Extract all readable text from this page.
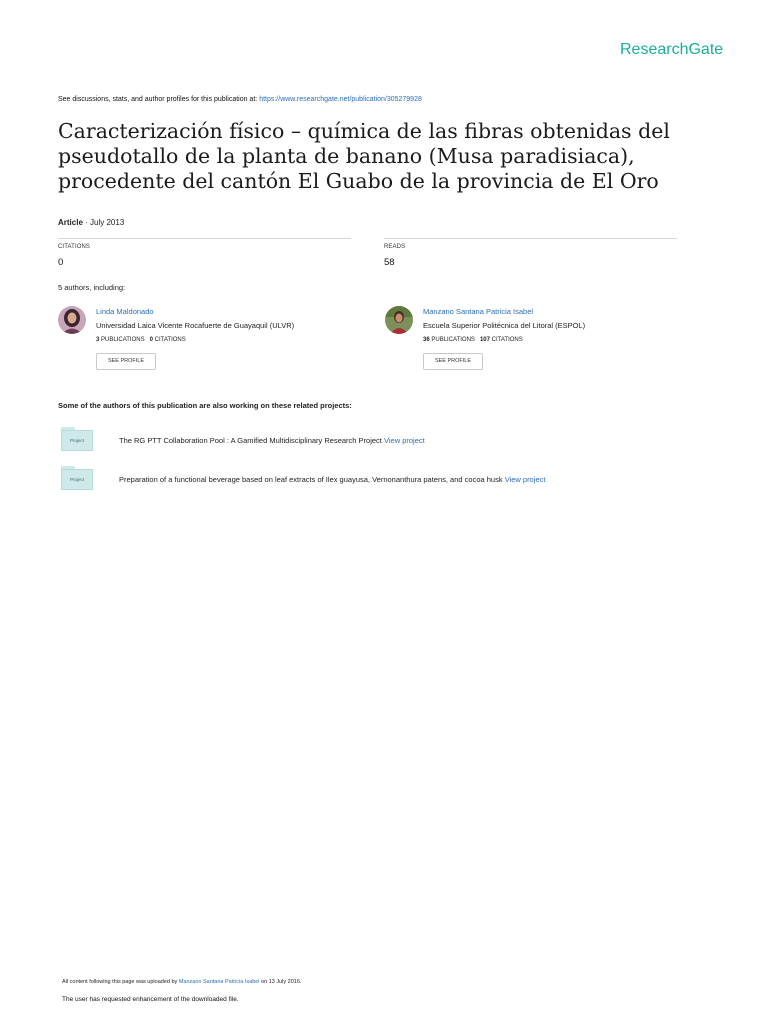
ResearchGate
See discussions, stats, and author profiles for this publication at: https://www.researchgate.net/publication/305279928
Caracterización físico – química de las fibras obtenidas del pseudotallo de la planta de banano (Musa paradisiaca), procedente del cantón El Guabo de la provincia de El Oro
Article · July 2013
CITATIONS
0
READS
58
5 authors, including:
Linda Maldonado
Universidad Laica Vicente Rocafuerte de Guayaquil (ULVR)
3 PUBLICATIONS 0 CITATIONS
SEE PROFILE
Manzano Santana Patricia Isabel
Escuela Superior Politécnica del Litoral (ESPOL)
36 PUBLICATIONS 107 CITATIONS
SEE PROFILE
Some of the authors of this publication are also working on these related projects:
Project	The RG PTT Collaboration Pool : A Gamified Multidisciplinary Research Project View project
Project	Preparation of a functional beverage based on leaf extracts of Ilex guayusa, Vernonanthura patens, and cocoa husk View project
All content following this page was uploaded by Manzano Santana Patricia Isabel on 13 July 2016.
The user has requested enhancement of the downloaded file.
